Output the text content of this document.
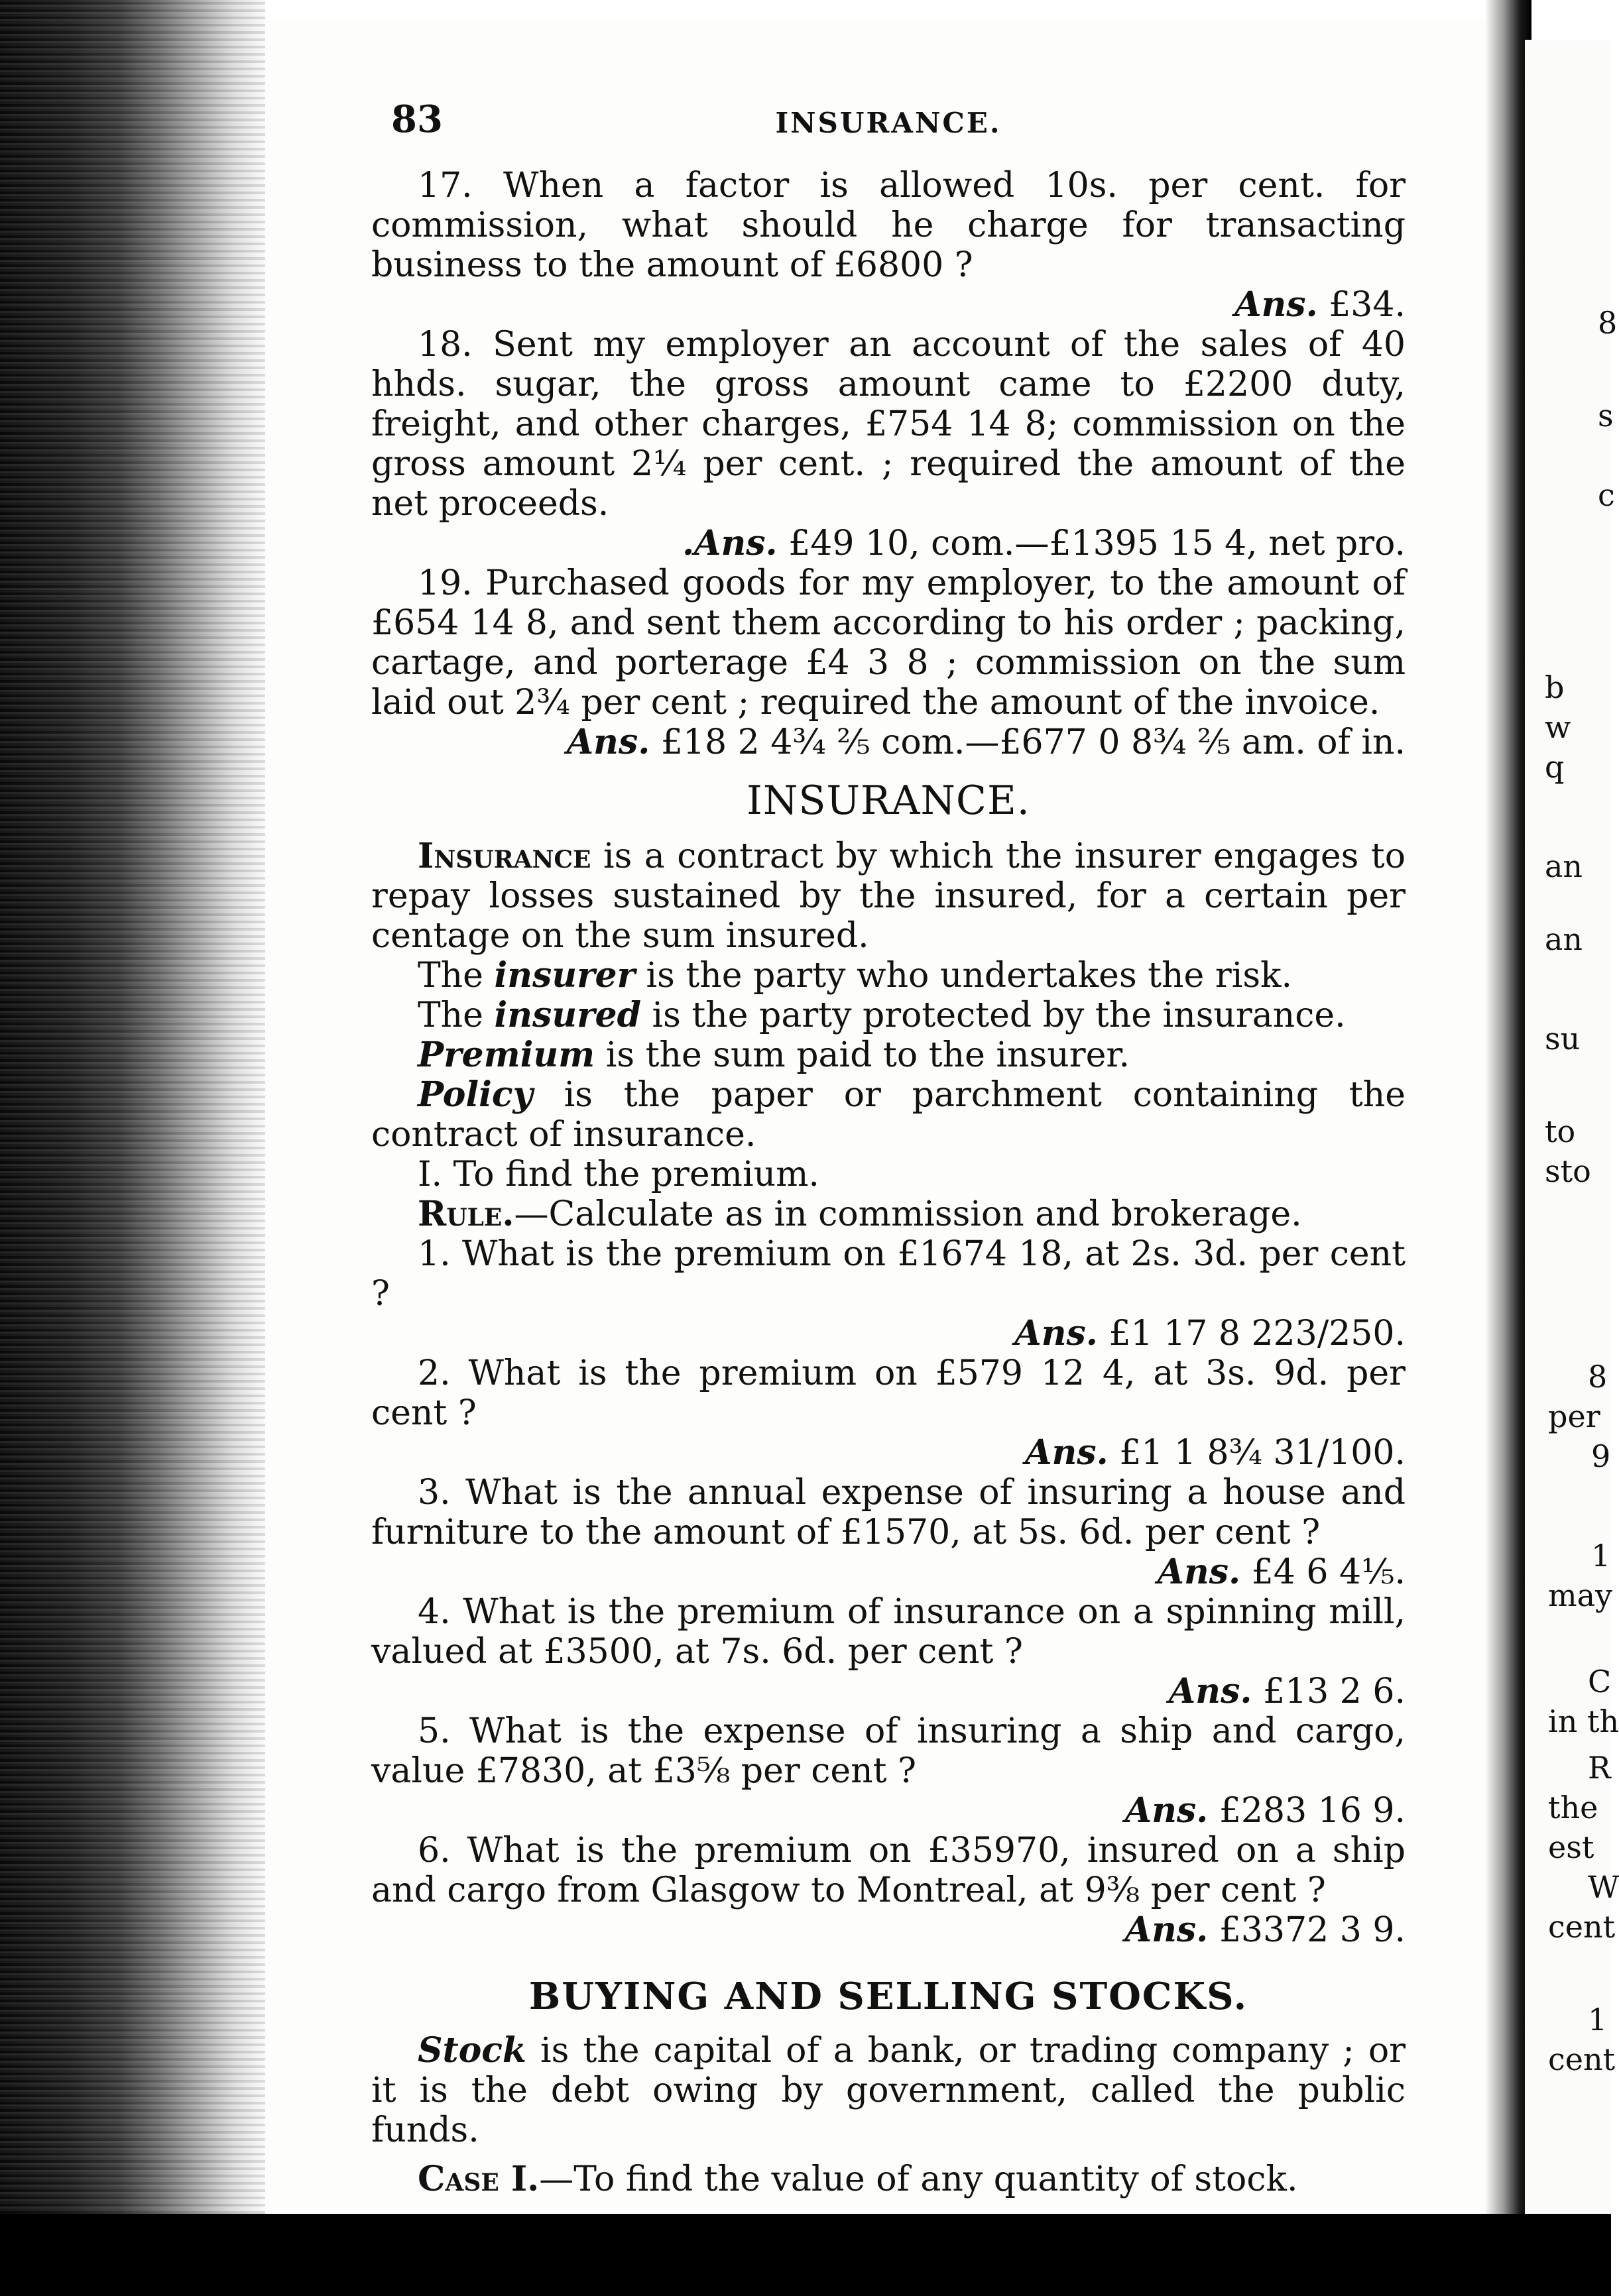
8
s
c
b
w
q
an
an
su
to
sto
8
per
9
1
may
C
in th
R
the
est
W
cent
1
cent
83	INSURANCE.

17. When a factor is allowed 10s. per cent. for commission, what should he charge for transacting business to the amount of £6800 ?

Ans. £34.

18. Sent my employer an account of the sales of 40 hhds. sugar, the gross amount came to £2200 duty, freight, and other charges, £754 14 8; commission on the gross amount 2¼ per cent. ; required the amount of the net proceeds.

.Ans. £49 10, com.—£1395 15 4, net pro.

19. Purchased goods for my employer, to the amount of £654 14 8, and sent them according to his order ; packing, cartage, and porterage £4 3 8 ; commission on the sum laid out 2¾ per cent ; required the amount of the invoice.

Ans. £18 2 4¾ ⅖ com.—£677 0 8¾ ⅖ am. of in.

INSURANCE.

Insurance is a contract by which the insurer engages to repay losses sustained by the insured, for a certain per centage on the sum insured.

The insurer is the party who undertakes the risk.

The insured is the party protected by the insurance.

Premium is the sum paid to the insurer.

Policy is the paper or parchment containing the contract of insurance.

I. To find the premium.

Rule.—Calculate as in commission and brokerage.

1. What is the premium on £1674 18, at 2s. 3d. per cent ?

Ans. £1 17 8 223/250.

2. What is the premium on £579 12 4, at 3s. 9d. per cent ?

Ans. £1 1 8¾ 31/100.

3. What is the annual expense of insuring a house and furniture to the amount of £1570, at 5s. 6d. per cent ?

Ans. £4 6 4⅕.

4. What is the premium of insurance on a spinning mill, valued at £3500, at 7s. 6d. per cent ?

Ans. £13 2 6.

5. What is the expense of insuring a ship and cargo, value £7830, at £3⅝ per cent ?

Ans. £283 16 9.

6. What is the premium on £35970, insured on a ship and cargo from Glasgow to Montreal, at 9⅜ per cent ?

Ans. £3372 3 9.

BUYING AND SELLING STOCKS.

Stock is the capital of a bank, or trading company ; or it is the debt owing by government, called the public funds.

Case I.—To find the value of any quantity of stock.
